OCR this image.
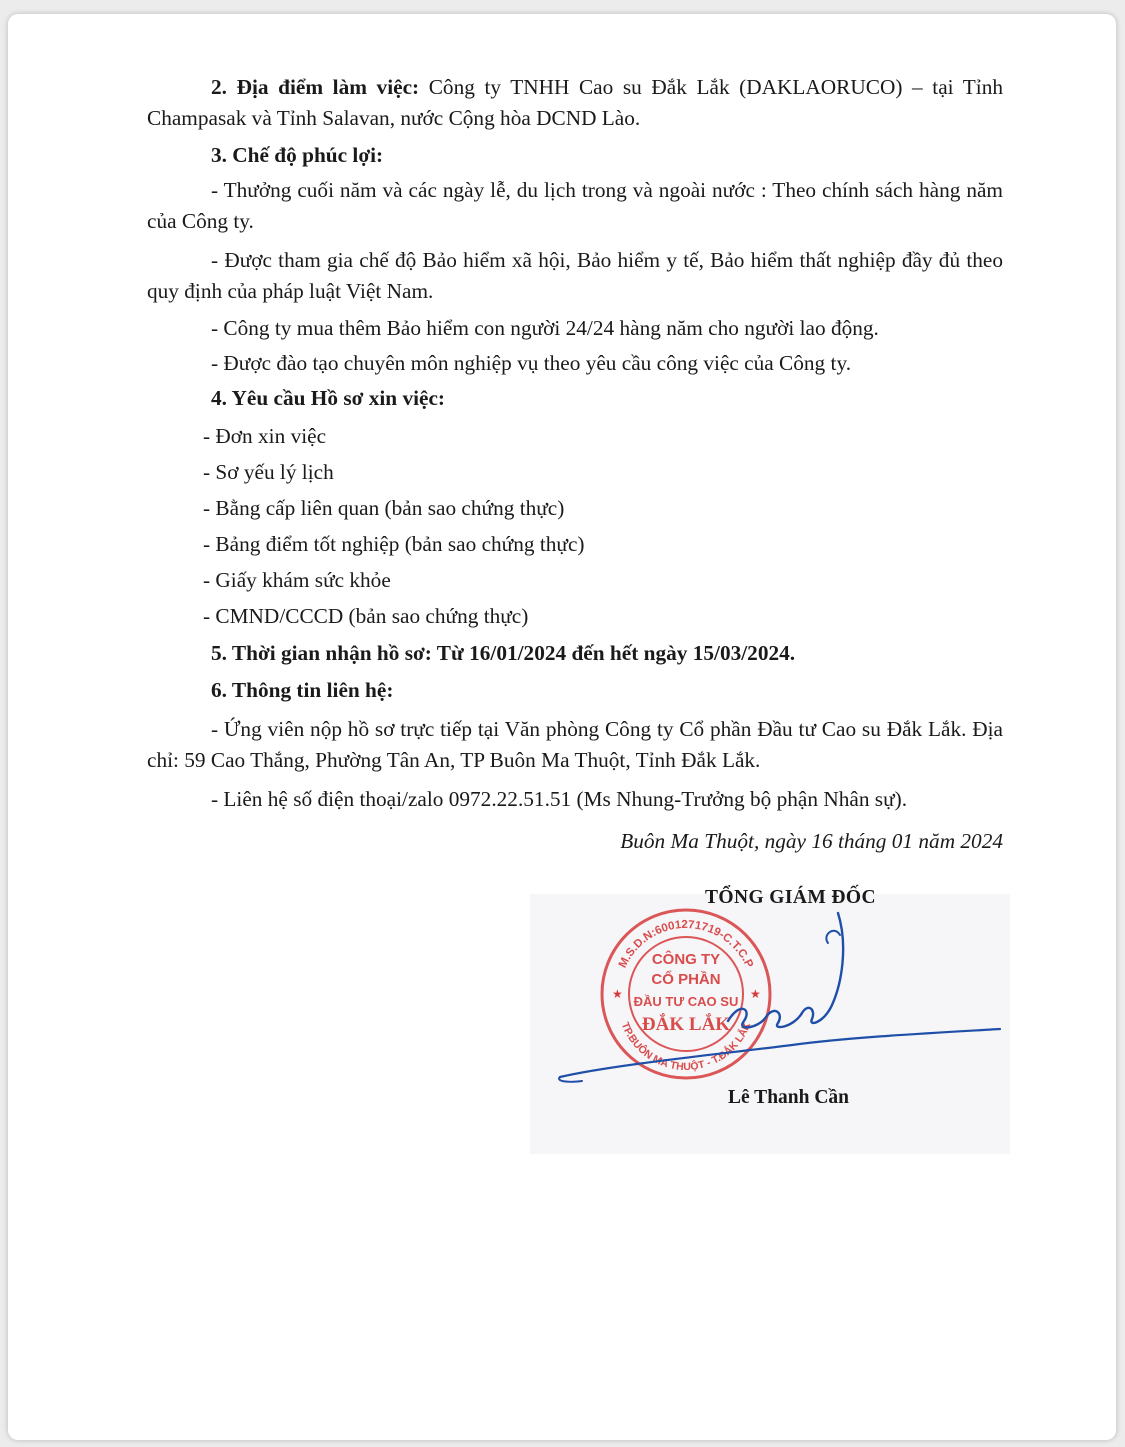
2. Địa điểm làm việc: Công ty TNHH Cao su Đắk Lắk (DAKLAORUCO) – tại Tỉnh Champasak và Tỉnh Salavan, nước Cộng hòa DCND Lào.

3. Chế độ phúc lợi:

- Thưởng cuối năm và các ngày lễ, du lịch trong và ngoài nước : Theo chính sách hàng năm của Công ty.

- Được tham gia chế độ Bảo hiểm xã hội, Bảo hiểm y tế, Bảo hiểm thất nghiệp đầy đủ theo quy định của pháp luật Việt Nam.

- Công ty mua thêm Bảo hiểm con người 24/24 hàng năm cho người lao động.

- Được đào tạo chuyên môn nghiệp vụ theo yêu cầu công việc của Công ty.

4. Yêu cầu Hồ sơ xin việc:

- Đơn xin việc

- Sơ yếu lý lịch

- Bằng cấp liên quan (bản sao chứng thực)

- Bảng điểm tốt nghiệp (bản sao chứng thực)

- Giấy khám sức khỏe

- CMND/CCCD (bản sao chứng thực)

5. Thời gian nhận hồ sơ: Từ 16/01/2024 đến hết ngày 15/03/2024.

6. Thông tin liên hệ:

- Ứng viên nộp hồ sơ trực tiếp tại Văn phòng Công ty Cổ phần Đầu tư Cao su Đắk Lắk. Địa chỉ: 59 Cao Thắng, Phường Tân An, TP Buôn Ma Thuột, Tỉnh Đắk Lắk.

- Liên hệ số điện thoại/zalo 0972.22.51.51 (Ms Nhung-Trưởng bộ phận Nhân sự).

Buôn Ma Thuột, ngày 16 tháng 01 năm 2024
TỔNG GIÁM ĐỐC
M.S.D.N:6001271719-C.T.C.P
TP.BUÔN MA THUỘT - T.ĐẮK LẮK
★	★
CÔNG TY
CỔ PHẦN
ĐẦU TƯ CAO SU
ĐẮK LẮK
Lê Thanh Cần
